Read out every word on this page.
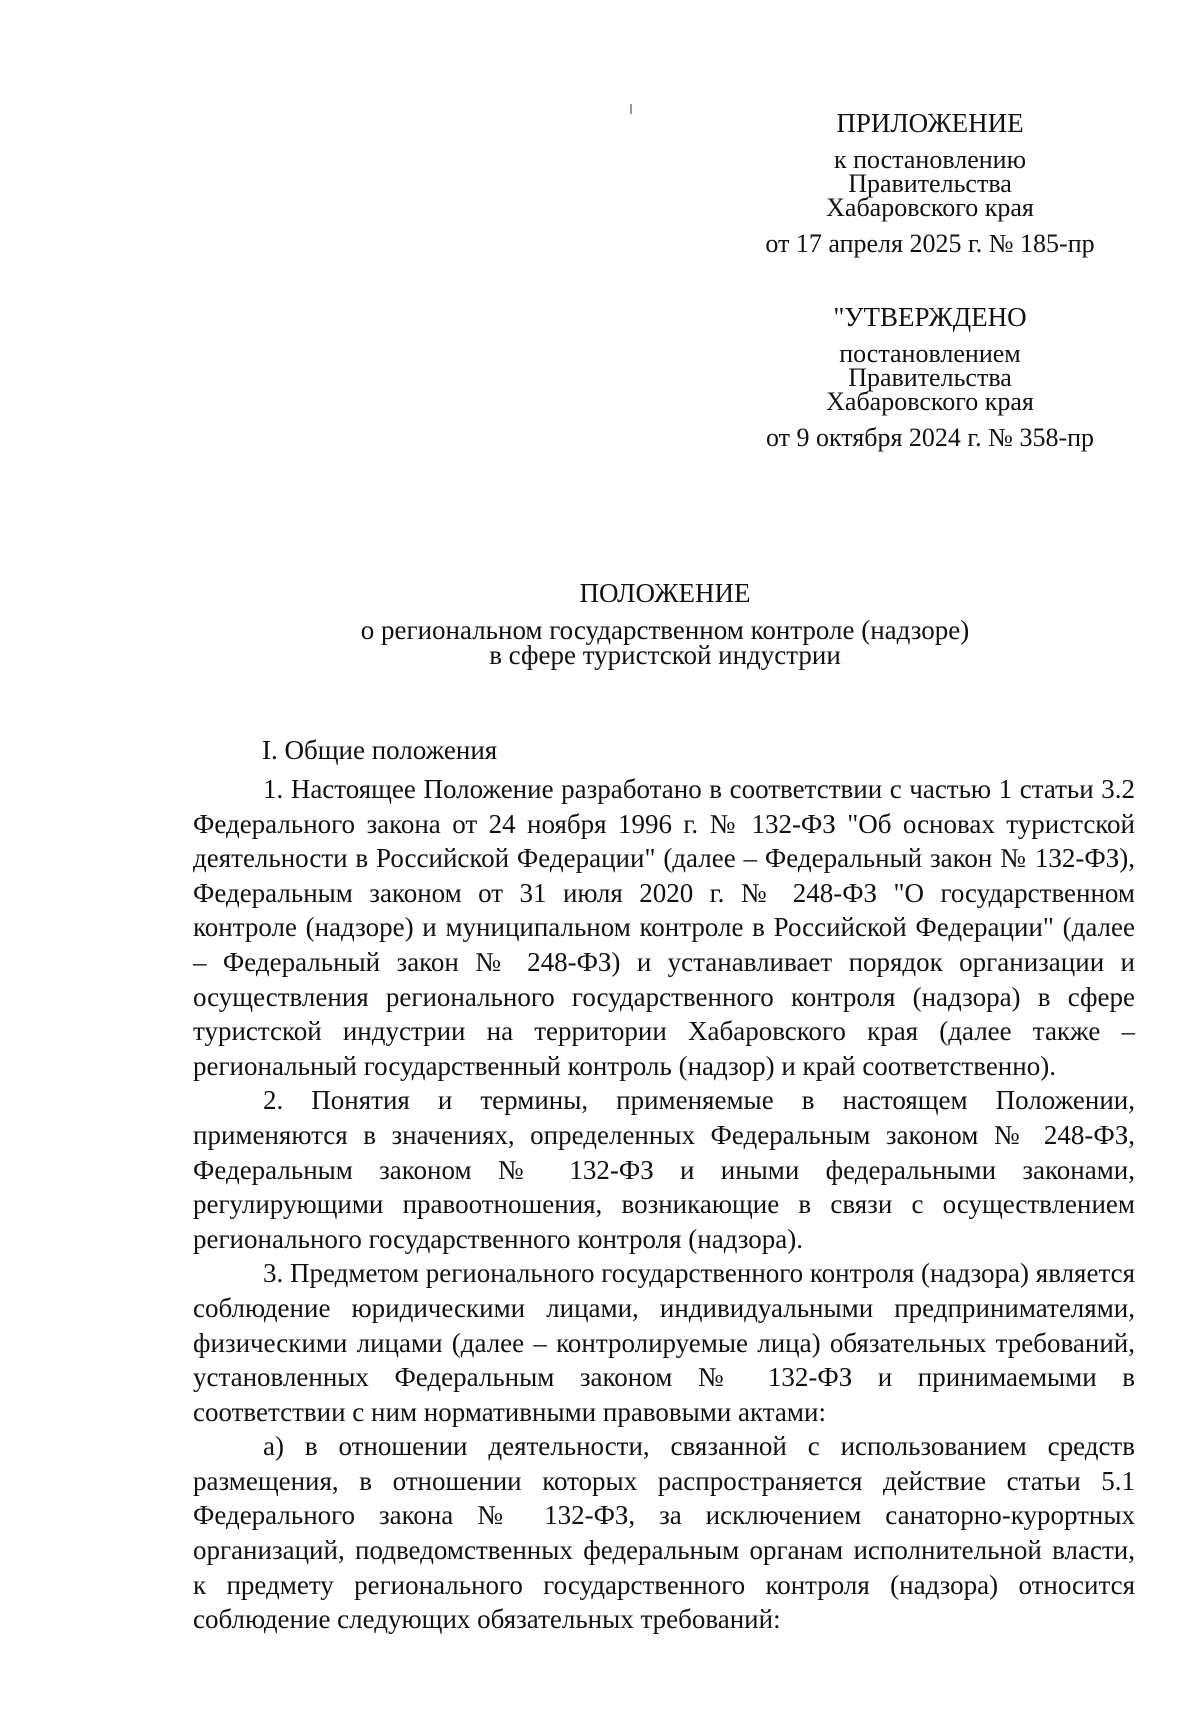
ПРИЛОЖЕНИЕ
к постановлению
Правительства
Хабаровского края
от 17 апреля 2025 г. № 185-пр
"УТВЕРЖДЕНО
постановлением
Правительства
Хабаровского края
от 9 октября 2024 г. № 358-пр
ПОЛОЖЕНИЕ
о региональном государственном контроле (надзоре)
в сфере туристской индустрии
I. Общие положения

1. Настоящее Положение разработано в соответствии с частью 1 статьи 3.2 Федерального закона от 24 ноября 1996 г. № 132-ФЗ "Об основах туристской деятельности в Российской Федерации" (далее – Федеральный закон № 132-ФЗ), Федеральным законом от 31 июля 2020 г. № 248-ФЗ "О государственном контроле (надзоре) и муниципальном контроле в Российской Федерации" (далее – Федеральный закон № 248-ФЗ) и устанавливает порядок организации и осуществления регионального государственного контроля (надзора) в сфере туристской индустрии на территории Хабаровского края (далее также – региональный государственный контроль (надзор) и край соответственно).

2. Понятия и термины, применяемые в настоящем Положении, применяются в значениях, определенных Федеральным законом № 248-ФЗ, Федеральным законом № 132-ФЗ и иными федеральными законами, регулирующими правоотношения, возникающие в связи с осуществлением регионального государственного контроля (надзора).

3. Предметом регионального государственного контроля (надзора) является соблюдение юридическими лицами, индивидуальными предпринимателями, физическими лицами (далее – контролируемые лица) обязательных требований, установленных Федеральным законом № 132-ФЗ и принимаемыми в соответствии с ним нормативными правовыми актами:

а) в отношении деятельности, связанной с использованием средств размещения, в отношении которых распространяется действие статьи 5.1 Федерального закона № 132-ФЗ, за исключением санаторно-курортных организаций, подведомственных федеральным органам исполнительной власти, к предмету регионального государственного контроля (надзора) относится соблюдение следующих обязательных требований:
